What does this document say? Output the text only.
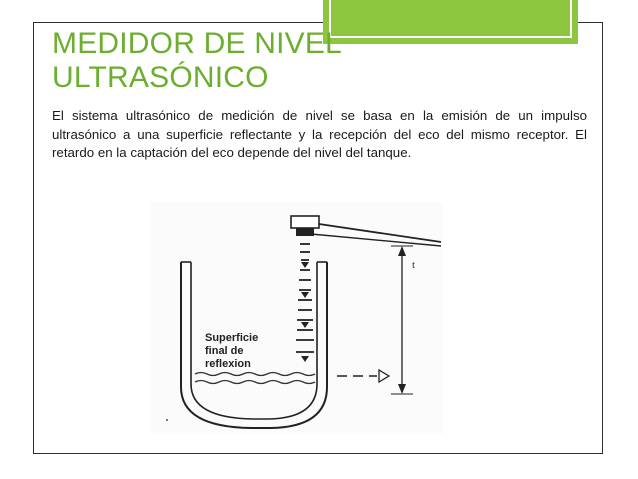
MEDIDOR DE NIVEL
ULTRASÓNICO

El sistema ultrasónico de medición de nivel se basa en la emisión de un impulso ultrasónico a una superficie reflectante y la recepción del eco del mismo receptor. El retardo en la captación del eco depende del nivel del tanque.

t
Superficie
final de
reflexion
